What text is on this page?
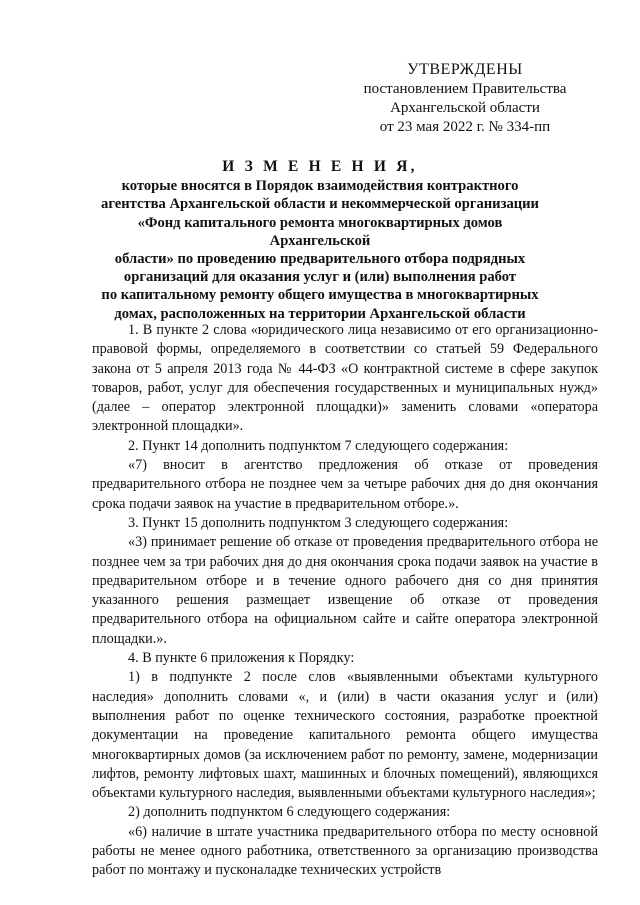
УТВЕРЖДЕНЫ
постановлением Правительства
Архангельской области
от 23 мая 2022 г. № 334-пп
И З М Е Н Е Н И Я,
которые вносятся в Порядок взаимодействия контрактного
агентства Архангельской области и некоммерческой организации
«Фонд капитального ремонта многоквартирных домов Архангельской
области» по проведению предварительного отбора подрядных
организаций для оказания услуг и (или) выполнения работ
по капитальному ремонту общего имущества в многоквартирных
домах, расположенных на территории Архангельской области

1. В пункте 2 слова «юридического лица независимо от его организационно-правовой формы, определяемого в соответствии со статьей 59 Федерального закона от 5 апреля 2013 года № 44-ФЗ «О контрактной системе в сфере закупок товаров, работ, услуг для обеспечения государственных и муниципальных нужд» (далее – оператор электронной площадки)» заменить словами «оператора электронной площадки».

2. Пункт 14 дополнить подпунктом 7 следующего содержания:

«7) вносит в агентство предложения об отказе от проведения предварительного отбора не позднее чем за четыре рабочих дня до дня окончания срока подачи заявок на участие в предварительном отборе.».

3. Пункт 15 дополнить подпунктом 3 следующего содержания:

«3) принимает решение об отказе от проведения предварительного отбора не позднее чем за три рабочих дня до дня окончания срока подачи заявок на участие в предварительном отборе и в течение одного рабочего дня со дня принятия указанного решения размещает извещение об отказе от проведения предварительного отбора на официальном сайте и сайте оператора электронной площадки.».

4. В пункте 6 приложения к Порядку:

1) в подпункте 2 после слов «выявленными объектами культурного наследия» дополнить словами «, и (или) в части оказания услуг и (или) выполнения работ по оценке технического состояния, разработке проектной документации на проведение капитального ремонта общего имущества многоквартирных домов (за исключением работ по ремонту, замене, модернизации лифтов, ремонту лифтовых шахт, машинных и блочных помещений), являющихся объектами культурного наследия, выявленными объектами культурного наследия»;

2) дополнить подпунктом 6 следующего содержания:

«6) наличие в штате участника предварительного отбора по месту основной работы не менее одного работника, ответственного за организацию производства работ по монтажу и пусконаладке технических устройств
